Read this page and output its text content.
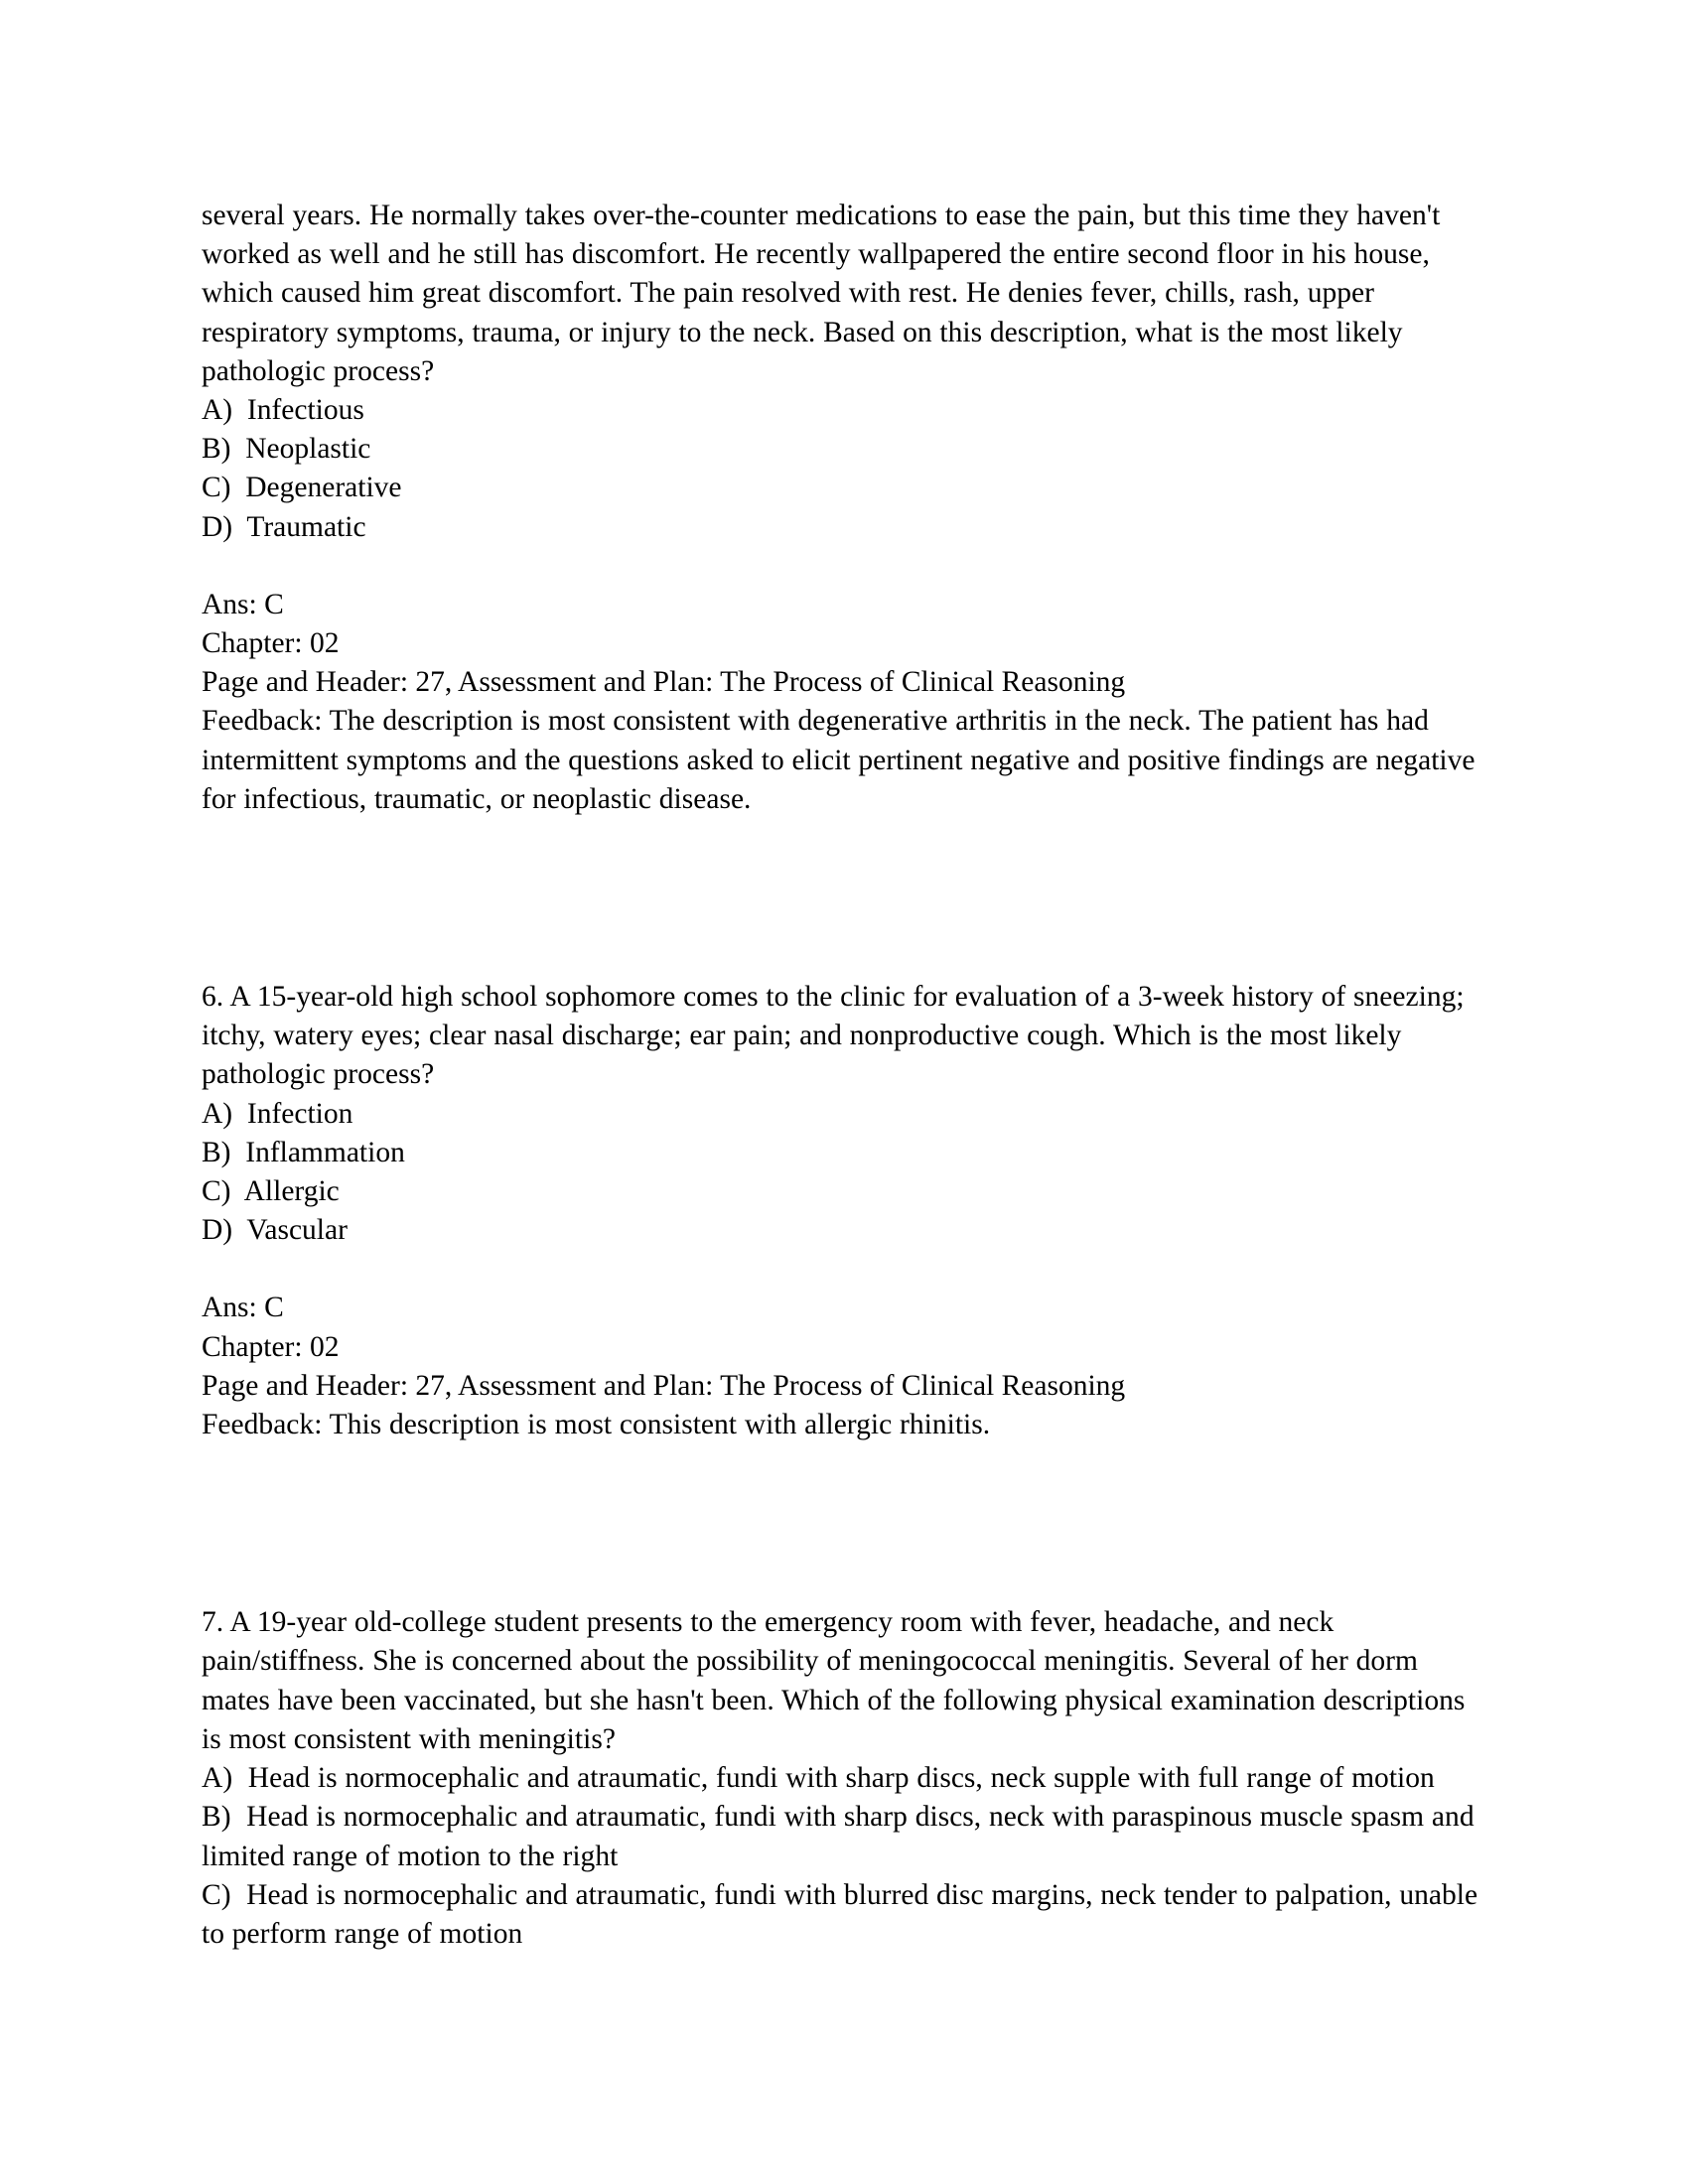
several years. He normally takes over-the-counter medications to ease the pain, but this time they haven't worked as well and he still has discomfort. He recently wallpapered the entire second floor in his house, which caused him great discomfort. The pain resolved with rest. He denies fever, chills, rash, upper respiratory symptoms, trauma, or injury to the neck. Based on this description, what is the most likely pathologic process?

A) Infectious

B) Neoplastic

C) Degenerative

D) Traumatic

Ans: C

Chapter: 02

Page and Header: 27, Assessment and Plan: The Process of Clinical Reasoning

Feedback: The description is most consistent with degenerative arthritis in the neck. The patient has had intermittent symptoms and the questions asked to elicit pertinent negative and positive findings are negative for infectious, traumatic, or neoplastic disease.

6. A 15-year-old high school sophomore comes to the clinic for evaluation of a 3-week history of sneezing; itchy, watery eyes; clear nasal discharge; ear pain; and nonproductive cough. Which is the most likely pathologic process?

A) Infection

B) Inflammation

C) Allergic

D) Vascular

Ans: C

Chapter: 02

Page and Header: 27, Assessment and Plan: The Process of Clinical Reasoning

Feedback: This description is most consistent with allergic rhinitis.

7. A 19-year old-college student presents to the emergency room with fever, headache, and neck pain/stiffness. She is concerned about the possibility of meningococcal meningitis. Several of her dorm mates have been vaccinated, but she hasn't been. Which of the following physical examination descriptions is most consistent with meningitis?

A) Head is normocephalic and atraumatic, fundi with sharp discs, neck supple with full range of motion

B) Head is normocephalic and atraumatic, fundi with sharp discs, neck with paraspinous muscle spasm and limited range of motion to the right

C) Head is normocephalic and atraumatic, fundi with blurred disc margins, neck tender to palpation, unable to perform range of motion
